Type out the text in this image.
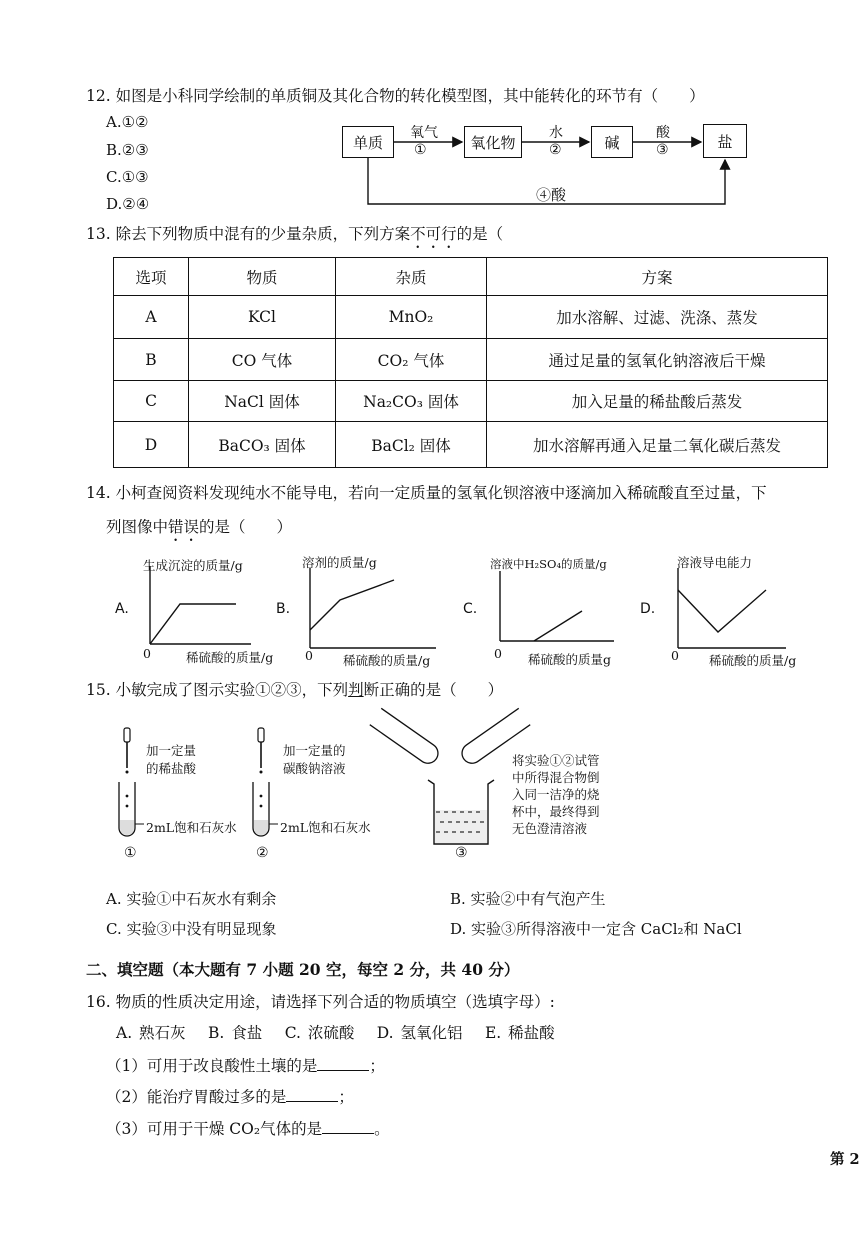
12. 如图是小科同学绘制的单质铜及其化合物的转化模型图，其中能转化的环节有（　　）
A.①②
B.②③
C.①③
D.②④
单质	氧化物	碱	盐
氧气
①
水
②
酸
③
④酸
13. 除去下列物质中混有的少量杂质，下列方案不可行的是（
选项	物质	杂质	方案
A	KCl	MnO₂	加水溶解、过滤、洗涤、蒸发
B	CO 气体	CO₂ 气体	通过足量的氢氧化钠溶液后干燥
C	NaCl 固体	Na₂CO₃ 固体	加入足量的稀盐酸后蒸发
D	BaCO₃ 固体	BaCl₂ 固体	加水溶解再通入足量二氧化碳后蒸发
14. 小柯查阅资料发现纯水不能导电，若向一定质量的氢氧化钡溶液中逐滴加入稀硫酸直至过量，下
列图像中错误的是（　　）
A.
生成沉淀的质量/g
稀硫酸的质量/g
0
B.
溶剂的质量/g
稀硫酸的质量/g
0
C.
溶液中H₂SO₄的质量/g
稀硫酸的质量g
0
D.
溶液导电能力
稀硫酸的质量/g
0
15. 小敏完成了图示实验①②③，下列判断正确的是（　　）
加一定量
的稀盐酸
2mL饱和石灰水
①
加一定量的
碳酸钠溶液
2mL饱和石灰水
②
将实验①②试管
中所得混合物倒
入同一洁净的烧
杯中，最终得到
无色澄清溶液
③
A. 实验①中石灰水有剩余	B. 实验②中有气泡产生
C. 实验③中没有明显现象	D. 实验③所得溶液中一定含 CaCl₂和 NaCl
二、填空题（本大题有 7 小题 20 空，每空 2 分，共 40 分）
16. 物质的性质决定用途，请选择下列合适的物质填空（选填字母）:
A. 熟石灰  B. 食盐  C. 浓硫酸  D. 氢氧化铝  E. 稀盐酸
（1）可用于改良酸性土壤的是	；
（2）能治疗胃酸过多的是	；
（3）可用于干燥 CO₂气体的是	。
第 2
